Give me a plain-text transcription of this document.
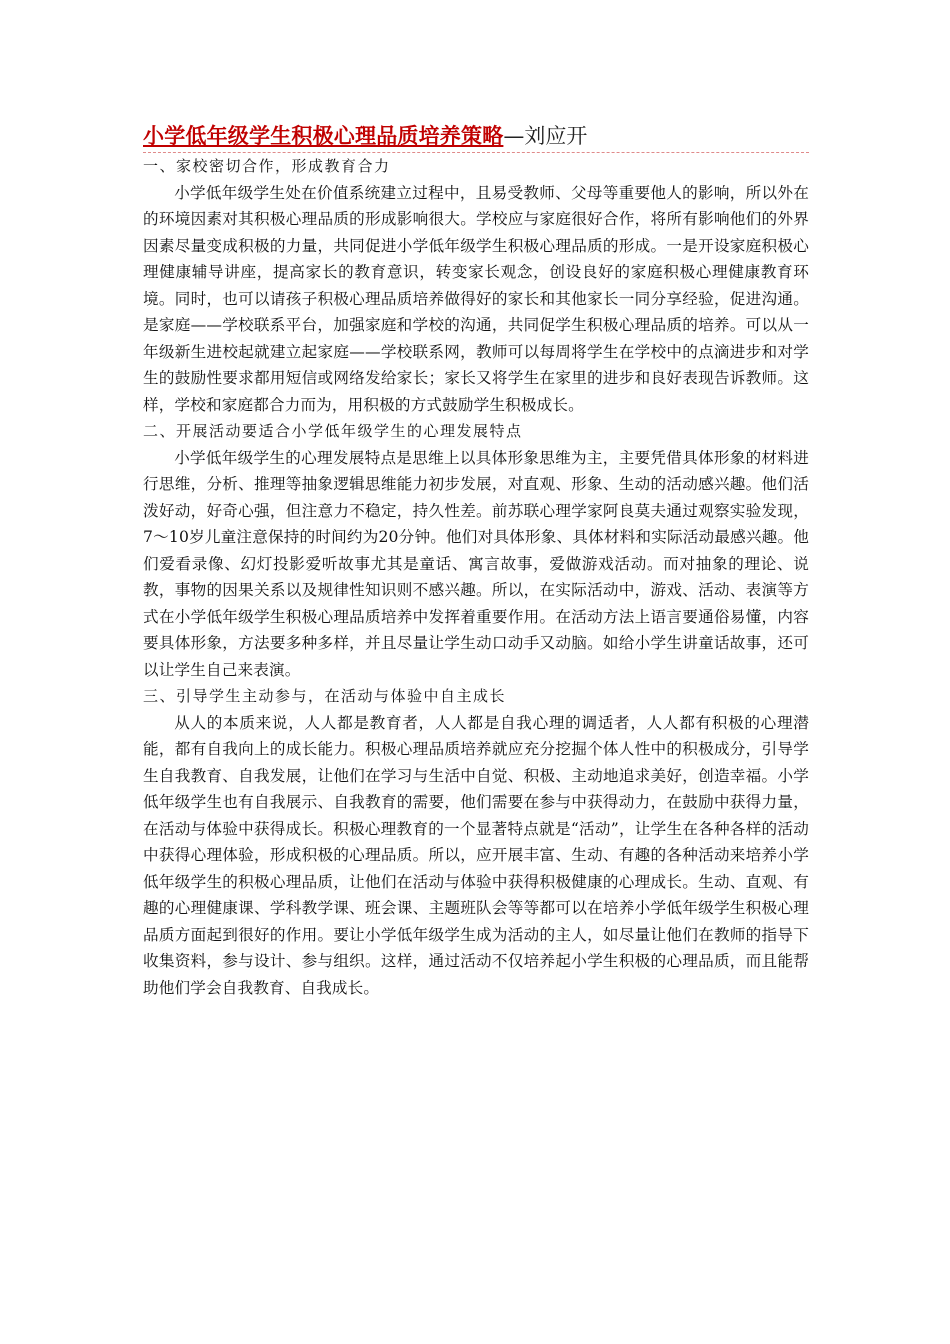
小学低年级学生积极心理品质培养策略—刘应开

一、家校密切合作，形成教育合力

小学低年级学生处在价值系统建立过程中，且易受教师、父母等重要他人的影响，所以外在的环境因素对其积极心理品质的形成影响很大。学校应与家庭很好合作，将所有影响他们的外界因素尽量变成积极的力量，共同促进小学低年级学生积极心理品质的形成。一是开设家庭积极心理健康辅导讲座，提高家长的教育意识，转变家长观念，创设良好的家庭积极心理健康教育环境。同时，也可以请孩子积极心理品质培养做得好的家长和其他家长一同分享经验，促进沟通。是家庭——学校联系平台，加强家庭和学校的沟通，共同促学生积极心理品质的培养。可以从一年级新生进校起就建立起家庭——学校联系网，教师可以每周将学生在学校中的点滴进步和对学生的鼓励性要求都用短信或网络发给家长；家长又将学生在家里的进步和良好表现告诉教师。这样，学校和家庭都合力而为，用积极的方式鼓励学生积极成长。

二、开展活动要适合小学低年级学生的心理发展特点

小学低年级学生的心理发展特点是思维上以具体形象思维为主，主要凭借具体形象的材料进行思维，分析、推理等抽象逻辑思维能力初步发展，对直观、形象、生动的活动感兴趣。他们活泼好动，好奇心强，但注意力不稳定，持久性差。前苏联心理学家阿良莫夫通过观察实验发现，7～10岁儿童注意保持的时间约为20分钟。他们对具体形象、具体材料和实际活动最感兴趣。他们爱看录像、幻灯投影爱听故事尤其是童话、寓言故事，爱做游戏活动。而对抽象的理论、说教，事物的因果关系以及规律性知识则不感兴趣。所以，在实际活动中，游戏、活动、表演等方式在小学低年级学生积极心理品质培养中发挥着重要作用。在活动方法上语言要通俗易懂，内容要具体形象，方法要多种多样，并且尽量让学生动口动手又动脑。如给小学生讲童话故事，还可以让学生自己来表演。

三、引导学生主动参与，在活动与体验中自主成长

从人的本质来说，人人都是教育者，人人都是自我心理的调适者，人人都有积极的心理潜能，都有自我向上的成长能力。积极心理品质培养就应充分挖掘个体人性中的积极成分，引导学生自我教育、自我发展，让他们在学习与生活中自觉、积极、主动地追求美好，创造幸福。小学低年级学生也有自我展示、自我教育的需要，他们需要在参与中获得动力，在鼓励中获得力量，在活动与体验中获得成长。积极心理教育的一个显著特点就是“活动”，让学生在各种各样的活动中获得心理体验，形成积极的心理品质。所以，应开展丰富、生动、有趣的各种活动来培养小学低年级学生的积极心理品质，让他们在活动与体验中获得积极健康的心理成长。生动、直观、有趣的心理健康课、学科教学课、班会课、主题班队会等等都可以在培养小学低年级学生积极心理品质方面起到很好的作用。要让小学低年级学生成为活动的主人，如尽量让他们在教师的指导下收集资料，参与设计、参与组织。这样，通过活动不仅培养起小学生积极的心理品质，而且能帮助他们学会自我教育、自我成长。
